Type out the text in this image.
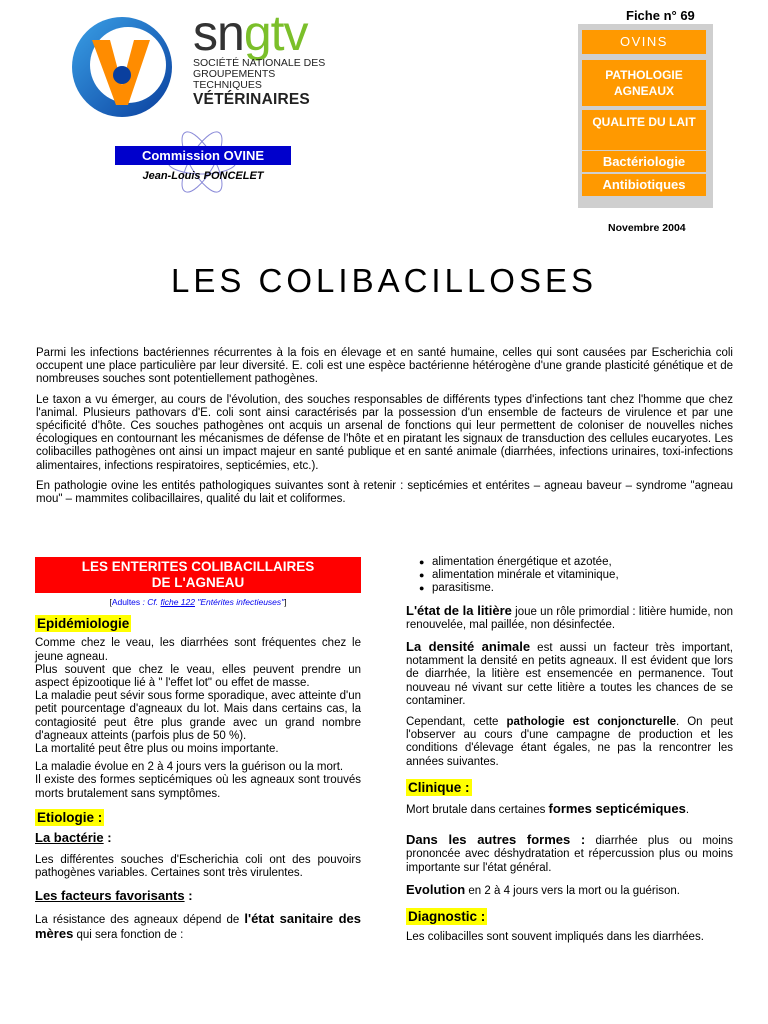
sngtv
SOCIÉTÉ NATIONALE DES
GROUPEMENTS TECHNIQUES
VÉTÉRINAIRES
Commission OVINE
Jean-Louis PONCELET
Fiche n° 69
OVINS
PATHOLOGIE AGNEAUX
QUALITE DU LAIT
Bactériologie
Antibiotiques
Novembre 2004
LES COLIBACILLOSES

Parmi les infections bactériennes récurrentes à la fois en élevage et en santé humaine, celles qui sont causées par Escherichia coli occupent une place particulière par leur diversité. E. coli est une espèce bactérienne hétérogène d'une grande plasticité génétique et de nombreuses souches sont potentiellement pathogènes.

Le taxon a vu émerger, au cours de l'évolution, des souches responsables de différents types d'infections tant chez l'homme que chez l'animal. Plusieurs pathovars d'E. coli sont ainsi caractérisés par la possession d'un ensemble de facteurs de virulence et par une spécificité d'hôte. Ces souches pathogènes ont acquis un arsenal de fonctions qui leur permettent de coloniser de nouvelles niches écologiques en contournant les mécanismes de défense de l'hôte et en piratant les signaux de transduction des cellules eucaryotes. Les colibacilles pathogènes ont ainsi un impact majeur en santé publique et en santé animale (diarrhées, infections urinaires, toxi-infections alimentaires, infections respiratoires, septicémies, etc.).

En pathologie ovine les entités pathologiques suivantes sont à retenir : septicémies et entérites – agneau baveur – syndrome "agneau mou" – mammites colibacillaires, qualité du lait et coliformes.

LES ENTERITES COLIBACILLAIRES
DE L'AGNEAU
[Adultes : Cf. fiche 122 "Entérites infectieuses"]
Epidémiologie

Comme chez le veau, les diarrhées sont fréquentes chez le jeune agneau.

Plus souvent que chez le veau, elles peuvent prendre un aspect épizootique lié à " l'effet lot" ou effet de masse.

La maladie peut sévir sous forme sporadique, avec atteinte d'un petit pourcentage d'agneaux du lot. Mais dans certains cas, la contagiosité peut être plus grande avec un grand nombre d'agneaux atteints (parfois plus de 50 %).

La mortalité peut être plus ou moins importante.

La maladie évolue en 2 à 4 jours vers la guérison ou la mort.

Il existe des formes septicémiques où les agneaux sont trouvés morts brutalement sans symptômes.

Etiologie :
La bactérie :

Les différentes souches d'Escherichia coli ont des pouvoirs pathogènes variables. Certaines sont très virulentes.

Les facteurs favorisants :

La résistance des agneaux dépend de l'état sanitaire des mères qui sera fonction de :

● alimentation énergétique et azotée,
● alimentation minérale et vitaminique,
● parasitisme.

L'état de la litière joue un rôle primordial : litière humide, non renouvelée, mal paillée, non désinfectée.

La densité animale est aussi un facteur très important, notamment la densité en petits agneaux. Il est évident que lors de diarrhée, la litière est ensemencée en permanence. Tout nouveau né vivant sur cette litière a toutes les chances de se contaminer.

Cependant, cette pathologie est conjoncturelle. On peut l'observer au cours d'une campagne de production et les conditions d'élevage étant égales, ne pas la rencontrer les années suivantes.

Clinique :

Mort brutale dans certaines formes septicémiques.

Dans les autres formes : diarrhée plus ou moins prononcée avec déshydratation et répercussion plus ou moins importante sur l'état général.

Evolution en 2 à 4 jours vers la mort ou la guérison.

Diagnostic :

Les colibacilles sont souvent impliqués dans les diarrhées.
